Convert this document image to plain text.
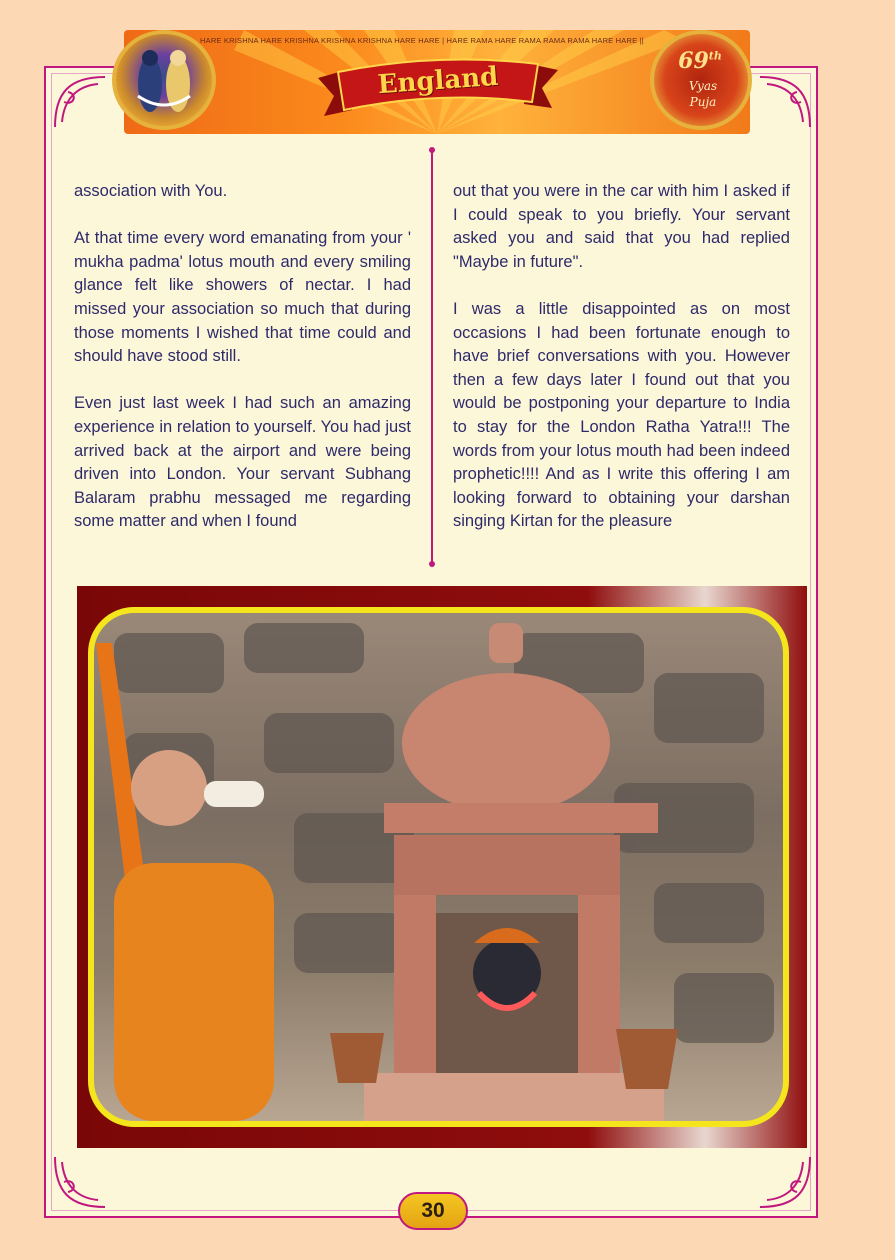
HARE KRISHNA HARE KRISHNA KRISHNA KRISHNA HARE HARE | HARE RAMA HARE RAMA RAMA RAMA HARE HARE ||
England
69th
Vyas
Puja

association with You.

At that time every word emanating from your ' mukha padma' lotus mouth and every smiling glance felt like showers of nectar. I had missed your association so much that during those moments I wished that time could and should have stood still.

Even just last week I had such an amazing experience in relation to yourself. You had just arrived back at the airport and were being driven into London. Your servant Subhang Balaram prabhu messaged me regarding some matter and when I found

out that you were in the car with him I asked if I could speak to you briefly. Your servant asked you and said that you had replied "Maybe in future".

I was a little disappointed as on most occasions I had been fortunate enough to have brief conversations with you. However then a few days later I found out that you would be postponing your departure to India to stay for the London Ratha Yatra!!! The words from your lotus mouth had been indeed prophetic!!!! And as I write this offering I am looking forward to obtaining your darshan singing Kirtan for the pleasure

30
